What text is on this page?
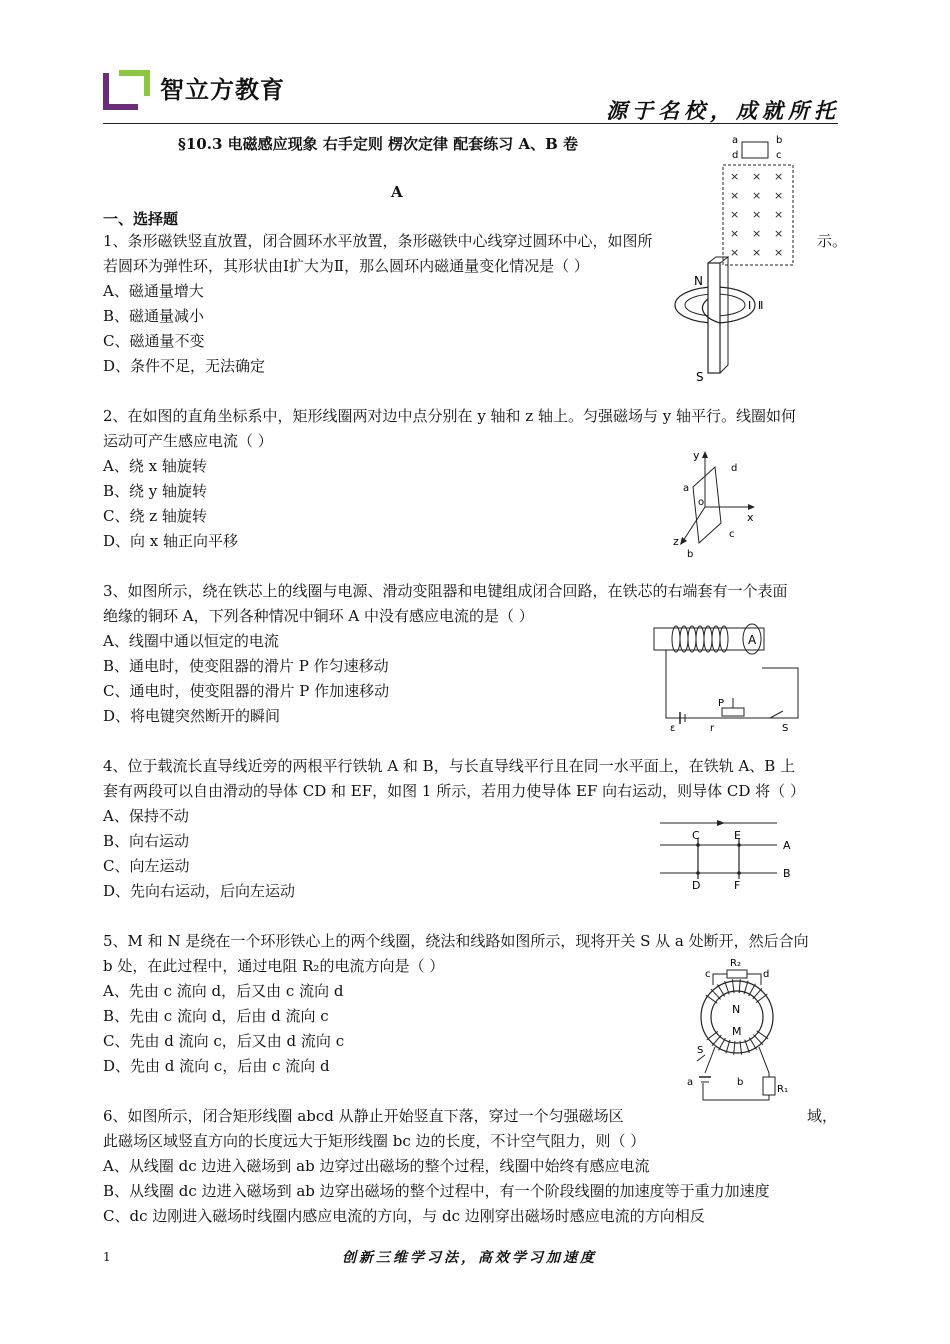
智立方教育
源于名校，成就所托
§10.3 电磁感应现象 右手定则 楞次定律 配套练习 A、B 卷
A
一、选择题
1、条形磁铁竖直放置，闭合圆环水平放置，条形磁铁中心线穿过圆环中心，如图所	示。
若圆环为弹性环，其形状由Ⅰ扩大为Ⅱ，那么圆环内磁通量变化情况是（ ）
A、磁通量增大
B、磁通量减小
C、磁通量不变
D、条件不足，无法确定
2、在如图的直角坐标系中，矩形线圈两对边中点分别在 y 轴和 z 轴上。匀强磁场与 y 轴平行。线圈如何
运动可产生感应电流（ ）
A、绕 x 轴旋转
B、绕 y 轴旋转
C、绕 z 轴旋转
D、向 x 轴正向平移
3、如图所示，绕在铁芯上的线圈与电源、滑动变阻器和电键组成闭合回路，在铁芯的右端套有一个表面
绝缘的铜环 A，下列各种情况中铜环 A 中没有感应电流的是（ ）
A、线圈中通以恒定的电流
B、通电时，使变阻器的滑片 P 作匀速移动
C、通电时，使变阻器的滑片 P 作加速移动
D、将电键突然断开的瞬间
4、位于载流长直导线近旁的两根平行铁轨 A 和 B，与长直导线平行且在同一水平面上，在铁轨 A、B 上
套有两段可以自由滑动的导体 CD 和 EF，如图 1 所示，若用力使导体 EF 向右运动，则导体 CD 将（ ）
A、保持不动
B、向右运动
C、向左运动
D、先向右运动，后向左运动
5、M 和 N 是绕在一个环形铁心上的两个线圈，绕法和线路如图所示，现将开关 S 从 a 处断开，然后合向
b 处，在此过程中，通过电阻 R₂的电流方向是（ ）
A、先由 c 流向 d，后又由 c 流向 d
B、先由 c 流向 d，后由 d 流向 c
C、先由 d 流向 c，后又由 d 流向 c
D、先由 d 流向 c，后由 c 流向 d
6、如图所示，闭合矩形线圈 abcd 从静止开始竖直下落，穿过一个匀强磁场区	域，
此磁场区域竖直方向的长度远大于矩形线圈 bc 边的长度，不计空气阻力，则（ ）
A、从线圈 dc 边进入磁场到 ab 边穿过出磁场的整个过程，线圈中始终有感应电流
B、从线圈 dc 边进入磁场到 ab 边穿出磁场的整个过程中，有一个阶段线圈的加速度等于重力加速度
C、dc 边刚进入磁场时线圈内感应电流的方向，与 dc 边刚穿出磁场时感应电流的方向相反
a	b
d	c
× × ×
× × ×
× × ×
× × ×
× × ×
N
S
Ⅰ Ⅱ
y
x
z
o
a
b
c
d
A
P
ε	r	S
C	E
D	F
A
B
R₂
c	d
N
M
S
a	b
R₁
1	创新三维学习法，高效学习加速度
